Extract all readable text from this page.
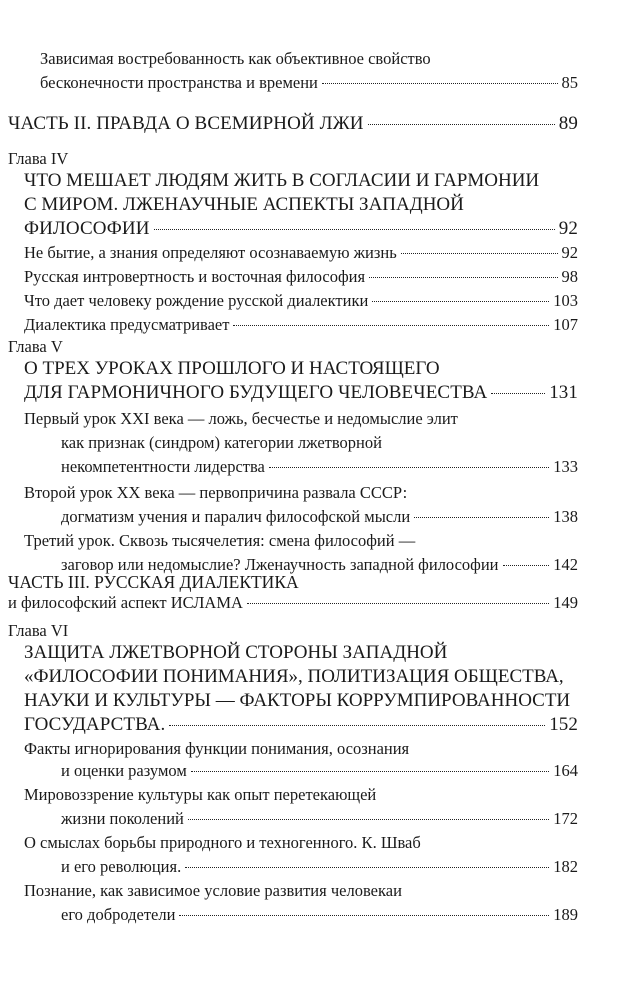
Зависимая востребованность как объективное свойство
бесконечности пространства и времени	85
ЧАСТЬ II. ПРАВДА О ВСЕМИРНОЙ ЛЖИ	89
Глава IV
ЧТО МЕШАЕТ ЛЮДЯМ ЖИТЬ В СОГЛАСИИ И ГАРМОНИИ
С МИРОМ. ЛЖЕНАУЧНЫЕ АСПЕКТЫ ЗАПАДНОЙ
ФИЛОСОФИИ	92
Не бытие, а знания определяют осознаваемую жизнь	92
Русская интровертность и восточная философия	98
Что дает человеку рождение русской диалектики	103
Диалектика предусматривает	107
Глава V
О ТРЕХ УРОКАХ ПРОШЛОГО И НАСТОЯЩЕГО
ДЛЯ ГАРМОНИЧНОГО БУДУЩЕГО ЧЕЛОВЕЧЕСТВА	131
Первый урок XXI века — ложь, бесчестье и недомыслие элит
как признак (синдром) категории лжетворной
некомпетентности лидерства	133
Второй урок XX века — первопричина развала СССР:
догматизм учения и паралич философской мысли	138
Третий урок. Сквозь тысячелетия: смена философий —
заговор или недомыслие? Лженаучность западной философии	142
ЧАСТЬ III. РУССКАЯ ДИАЛЕКТИКА
и философский аспект ИСЛАМА	149
Глава VI
ЗАЩИТА ЛЖЕТВОРНОЙ СТОРОНЫ ЗАПАДНОЙ
«ФИЛОСОФИИ ПОНИМАНИЯ», ПОЛИТИЗАЦИЯ ОБЩЕСТВА,
НАУКИ И КУЛЬТУРЫ — ФАКТОРЫ КОРРУМПИРОВАННОСТИ
ГОСУДАРСТВА.	152
Факты игнорирования функции понимания, осознания
и оценки разумом	164
Мировоззрение культуры как опыт перетекающей
жизни поколений	172
О смыслах борьбы природного и техногенного. К. Шваб
и его революция.	182
Познание, как зависимое условие развития человекаи
его добродетели	189
